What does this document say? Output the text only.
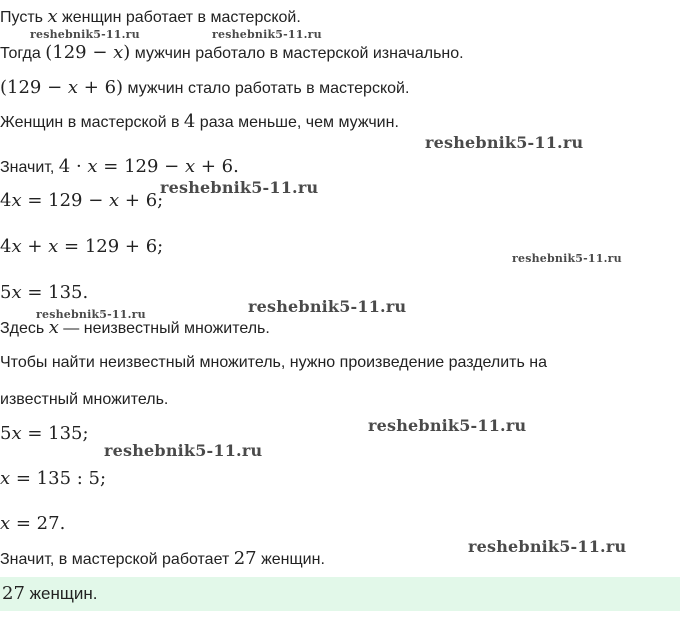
Пусть x женщин работает в мастерской.
Тогда (129 − x) мужчин работало в мастерской изначально.
(129 − x + 6) мужчин стало работать в мастерской.
Женщин в мастерской в 4 раза меньше, чем мужчин.
Значит, 4 · x = 129 − x + 6.
4x = 129 − x + 6;
4x + x = 129 + 6;
5x = 135.
Здесь x — неизвестный множитель.
Чтобы найти неизвестный множитель, нужно произведение разделить на
известный множитель.
5x = 135;
x = 135 : 5;
x = 27.
Значит, в мастерской работает 27 женщин.
27 женщин.
reshebnik5-11.ru	reshebnik5-11.ru
reshebnik5-11.ru
reshebnik5-11.ru
reshebnik5-11.ru
reshebnik5-11.ru
reshebnik5-11.ru
reshebnik5-11.ru
reshebnik5-11.ru
reshebnik5-11.ru
